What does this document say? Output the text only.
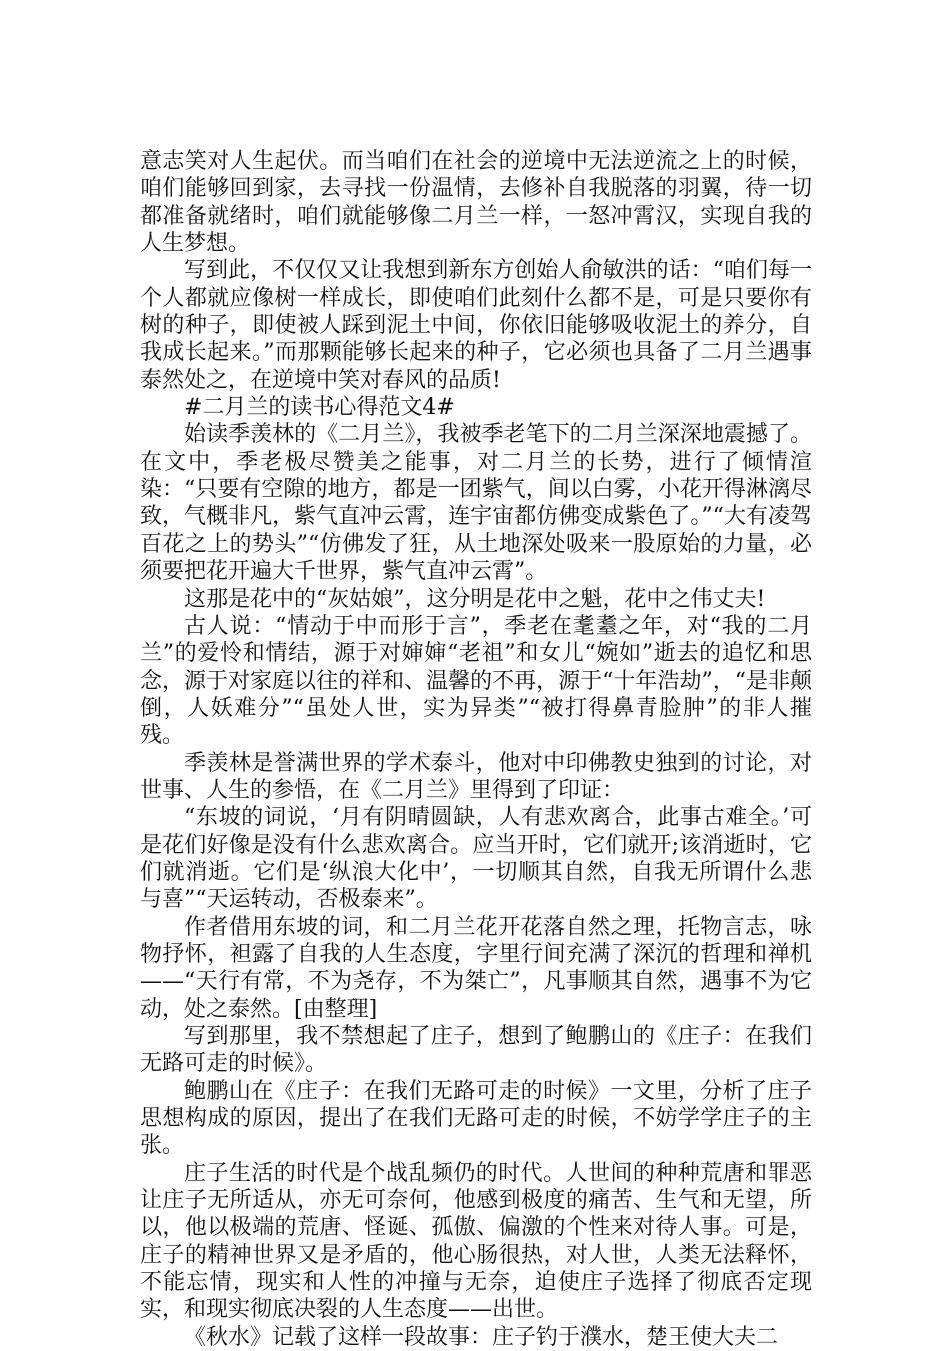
意志笑对人生起伏。而当咱们在社会的逆境中无法逆流之上的时候，咱们能够回到家，去寻找一份温情，去修补自我脱落的羽翼，待一切都准备就绪时，咱们就能够像二月兰一样，一怒冲霄汉，实现自我的人生梦想。

写到此，不仅仅又让我想到新东方创始人俞敏洪的话：“咱们每一个人都就应像树一样成长，即使咱们此刻什么都不是，可是只要你有树的种子，即使被人踩到泥土中间，你依旧能够吸收泥土的养分，自我成长起来。”而那颗能够长起来的种子，它必须也具备了二月兰遇事泰然处之，在逆境中笑对春风的品质!

#二月兰的读书心得范文4#

始读季羡林的《二月兰》，我被季老笔下的二月兰深深地震撼了。在文中，季老极尽赞美之能事，对二月兰的长势，进行了倾情渲染：“只要有空隙的地方，都是一团紫气，间以白雾，小花开得淋漓尽致，气概非凡，紫气直冲云霄，连宇宙都仿佛变成紫色了。”“大有凌驾百花之上的势头”“仿佛发了狂，从土地深处吸来一股原始的力量，必须要把花开遍大千世界，紫气直冲云霄”。

这那是花中的“灰姑娘”，这分明是花中之魁，花中之伟丈夫!

古人说：“情动于中而形于言”，季老在耄耋之年，对“我的二月兰”的爱怜和情结，源于对婶婶“老祖”和女儿“婉如”逝去的追忆和思念，源于对家庭以往的祥和、温馨的不再，源于“十年浩劫”，“是非颠倒，人妖难分”“虽处人世，实为异类”“被打得鼻青脸肿”的非人摧残。

季羡林是誉满世界的学术泰斗，他对中印佛教史独到的讨论，对世事、人生的参悟，在《二月兰》里得到了印证：

“东坡的词说，‘月有阴晴圆缺，人有悲欢离合，此事古难全。’可是花们好像是没有什么悲欢离合。应当开时，它们就开;该消逝时，它们就消逝。它们是‘纵浪大化中’，一切顺其自然，自我无所谓什么悲与喜”“天运转动，否极泰来”。

作者借用东坡的词，和二月兰花开花落自然之理，托物言志，咏物抒怀，袒露了自我的人生态度，字里行间充满了深沉的哲理和禅机——“天行有常，不为尧存，不为桀亡”，凡事顺其自然，遇事不为它动，处之泰然。[由整理]

写到那里，我不禁想起了庄子，想到了鲍鹏山的《庄子：在我们无路可走的时候》。

鲍鹏山在《庄子：在我们无路可走的时候》一文里，分析了庄子思想构成的原因，提出了在我们无路可走的时候，不妨学学庄子的主张。

庄子生活的时代是个战乱频仍的时代。人世间的种种荒唐和罪恶让庄子无所适从，亦无可奈何，他感到极度的痛苦、生气和无望，所以，他以极端的荒唐、怪诞、孤傲、偏激的个性来对待人事。可是，庄子的精神世界又是矛盾的，他心肠很热，对人世，人类无法释怀，不能忘情，现实和人性的冲撞与无奈，迫使庄子选择了彻底否定现实，和现实彻底决裂的人生态度——出世。

《秋水》记载了这样一段故事：庄子钓于濮水，楚王使大夫二
